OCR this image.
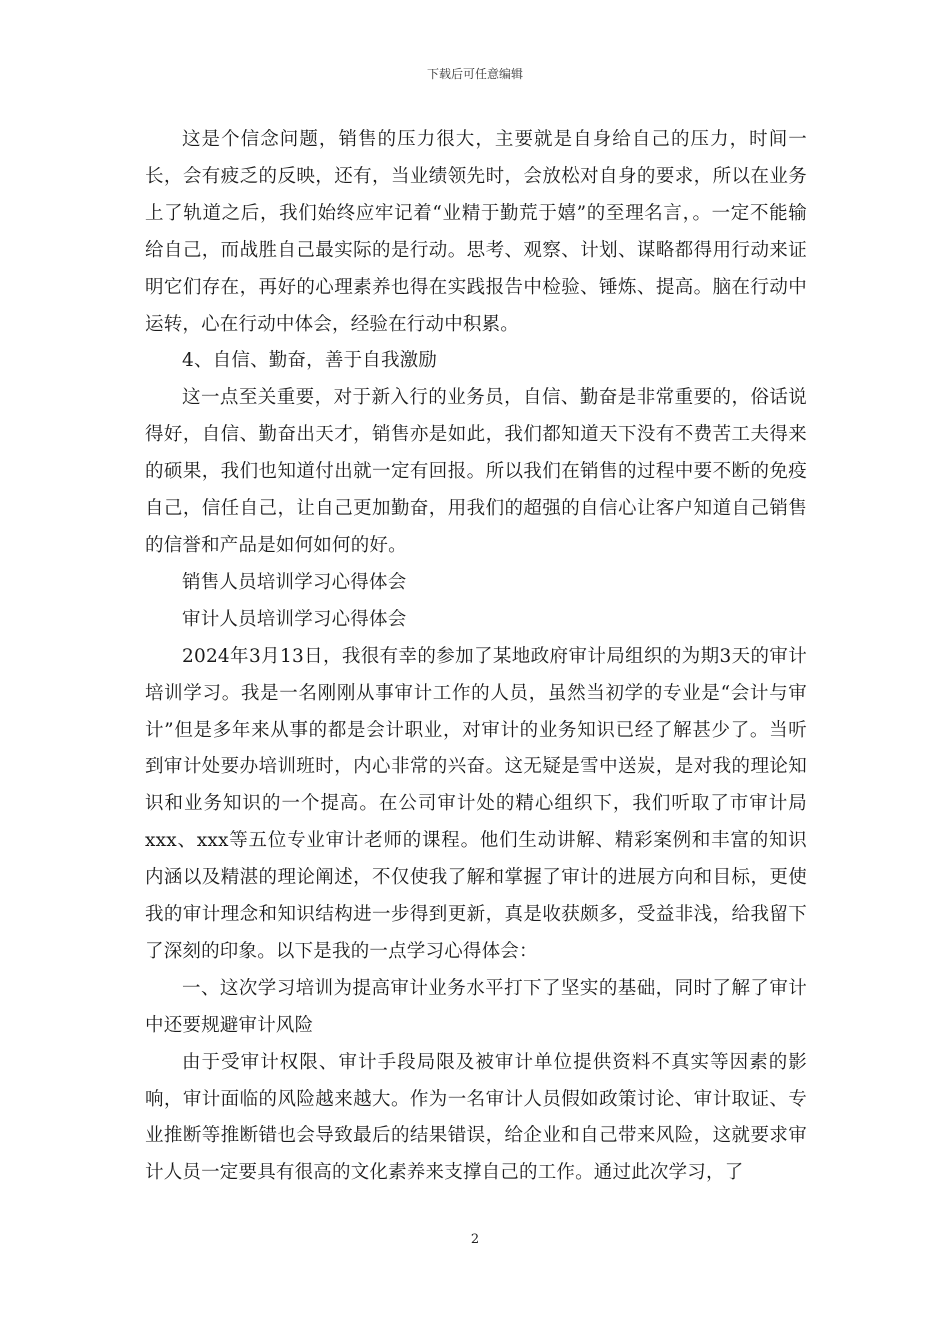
下载后可任意编辑

这是个信念问题，销售的压力很大，主要就是自身给自己的压力，时间一长，会有疲乏的反映，还有，当业绩领先时，会放松对自身的要求，所以在业务上了轨道之后，我们始终应牢记着“业精于勤荒于嬉”的至理名言，。一定不能输给自己，而战胜自己最实际的是行动。思考、观察、计划、谋略都得用行动来证明它们存在，再好的心理素养也得在实践报告中检验、锤炼、提高。脑在行动中运转，心在行动中体会，经验在行动中积累。

4、自信、勤奋，善于自我激励

这一点至关重要，对于新入行的业务员，自信、勤奋是非常重要的，俗话说得好，自信、勤奋出天才，销售亦是如此，我们都知道天下没有不费苦工夫得来的硕果，我们也知道付出就一定有回报。所以我们在销售的过程中要不断的免疫自己，信任自己，让自己更加勤奋，用我们的超强的自信心让客户知道自己销售的信誉和产品是如何如何的好。

销售人员培训学习心得体会

审计人员培训学习心得体会

2024年3月13日，我很有幸的参加了某地政府审计局组织的为期3天的审计培训学习。我是一名刚刚从事审计工作的人员，虽然当初学的专业是“会计与审计”但是多年来从事的都是会计职业，对审计的业务知识已经了解甚少了。当听到审计处要办培训班时，内心非常的兴奋。这无疑是雪中送炭，是对我的理论知识和业务知识的一个提高。在公司审计处的精心组织下，我们听取了市审计局xxx、xxx等五位专业审计老师的课程。他们生动讲解、精彩案例和丰富的知识内涵以及精湛的理论阐述，不仅使我了解和掌握了审计的进展方向和目标，更使我的审计理念和知识结构进一步得到更新，真是收获颇多，受益非浅，给我留下了深刻的印象。以下是我的一点学习心得体会：

一、这次学习培训为提高审计业务水平打下了坚实的基础，同时了解了审计中还要规避审计风险

由于受审计权限、审计手段局限及被审计单位提供资料不真实等因素的影响，审计面临的风险越来越大。作为一名审计人员假如政策讨论、审计取证、专业推断等推断错也会导致最后的结果错误，给企业和自己带来风险，这就要求审计人员一定要具有很高的文化素养来支撑自己的工作。通过此次学习，了

2
